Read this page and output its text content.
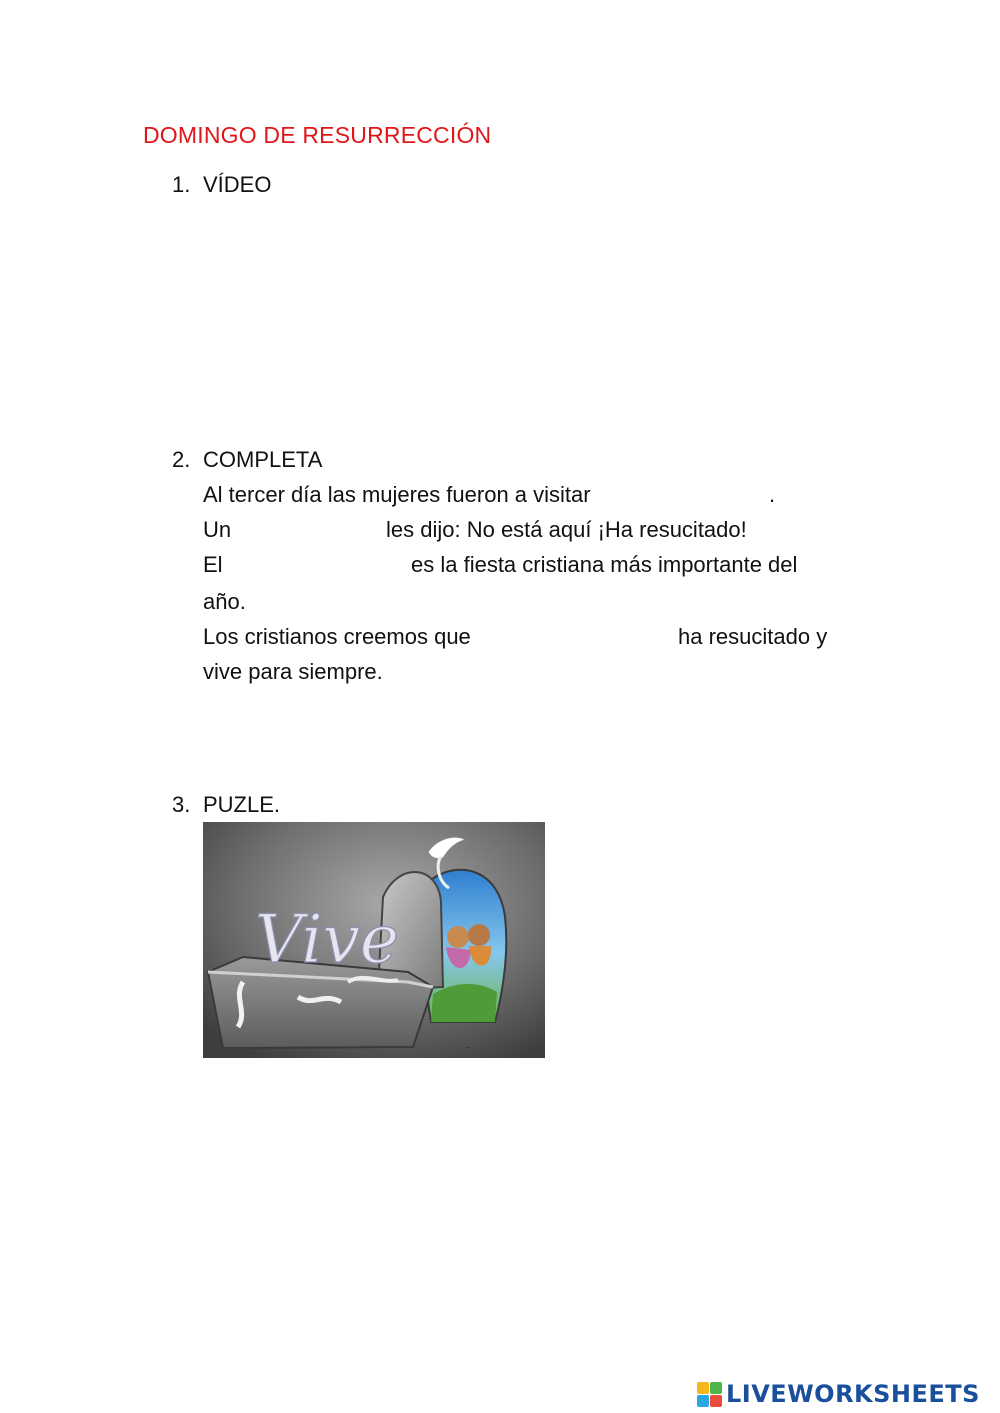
DOMINGO DE RESURRECCIÓN
1. VÍDEO
2. COMPLETA
Al tercer día las mujeres fueron a visitar	.
Un	les dijo: No está aquí ¡Ha resucitado!
El	es la fiesta cristiana más importante del
año.
Los cristianos creemos que	ha resucitado y
vive para siempre.
3. PUZLE.
Vive
~
LIVEWORKSHEETS
